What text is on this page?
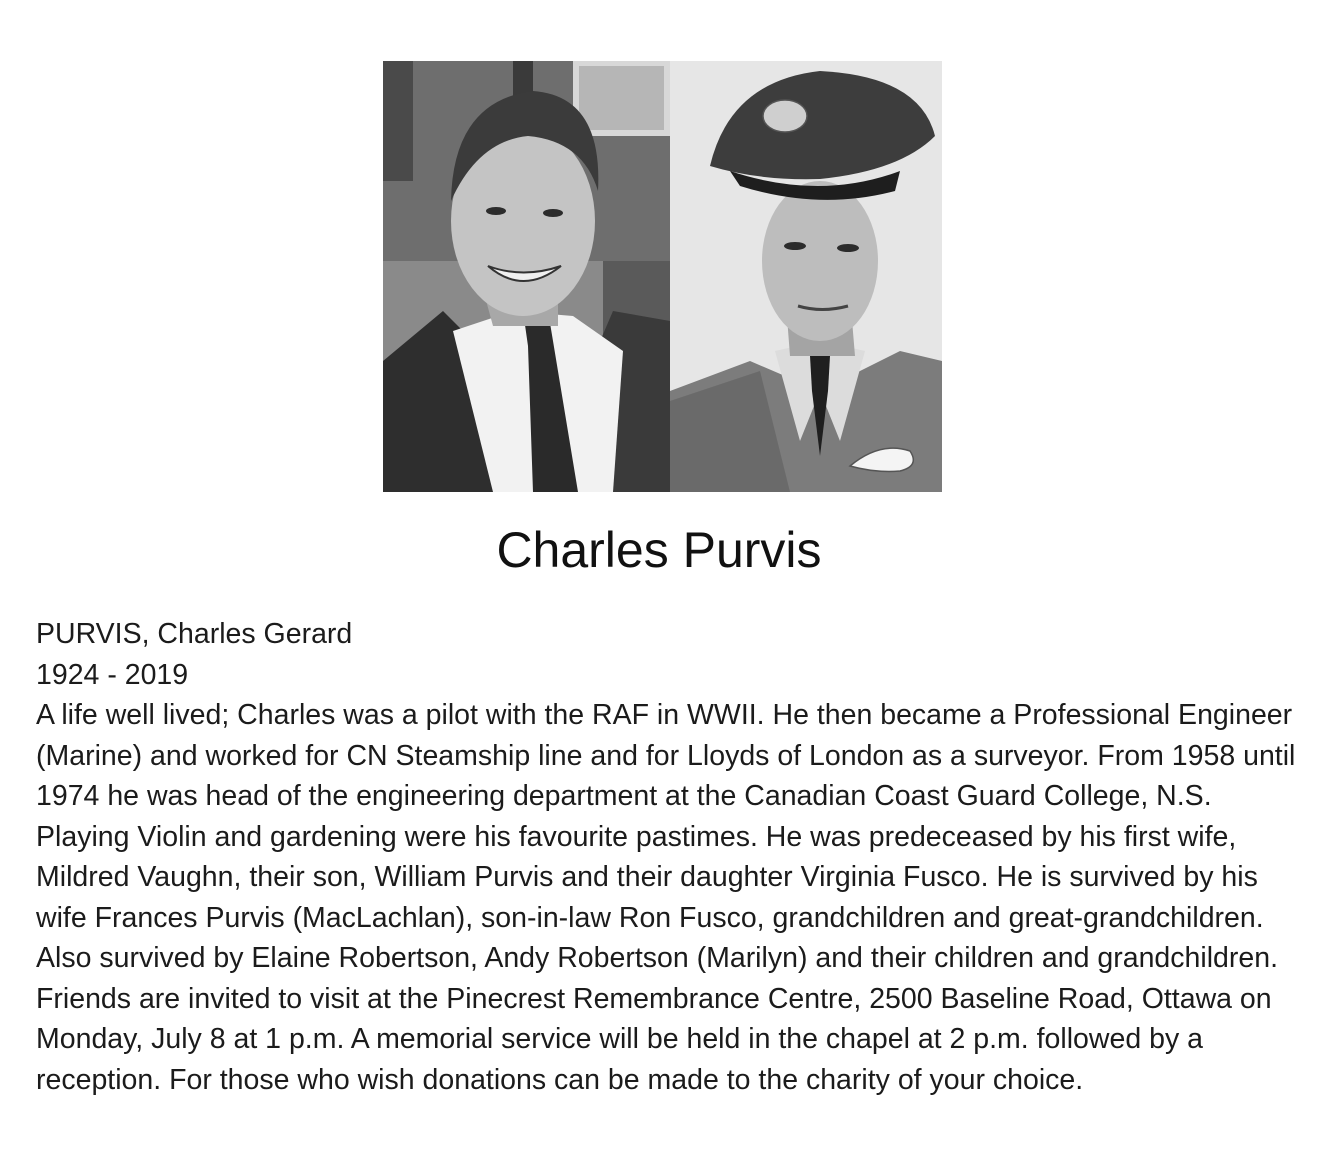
Charles Purvis

PURVIS, Charles Gerard

1924 - 2019

A life well lived; Charles was a pilot with the RAF in WWII. He then became a Professional Engineer (Marine) and worked for CN Steamship line and for Lloyds of London as a surveyor. From 1958 until 1974 he was head of the engineering department at the Canadian Coast Guard College, N.S. Playing Violin and gardening were his favourite pastimes. He was predeceased by his first wife, Mildred Vaughn, their son, William Purvis and their daughter Virginia Fusco. He is survived by his wife Frances Purvis (MacLachlan), son-in-law Ron Fusco, grandchildren and great-grandchildren. Also survived by Elaine Robertson, Andy Robertson (Marilyn) and their children and grandchildren. Friends are invited to visit at the Pinecrest Remembrance Centre, 2500 Baseline Road, Ottawa on Monday, July 8 at 1 p.m. A memorial service will be held in the chapel at 2 p.m. followed by a reception. For those who wish donations can be made to the charity of your choice.
